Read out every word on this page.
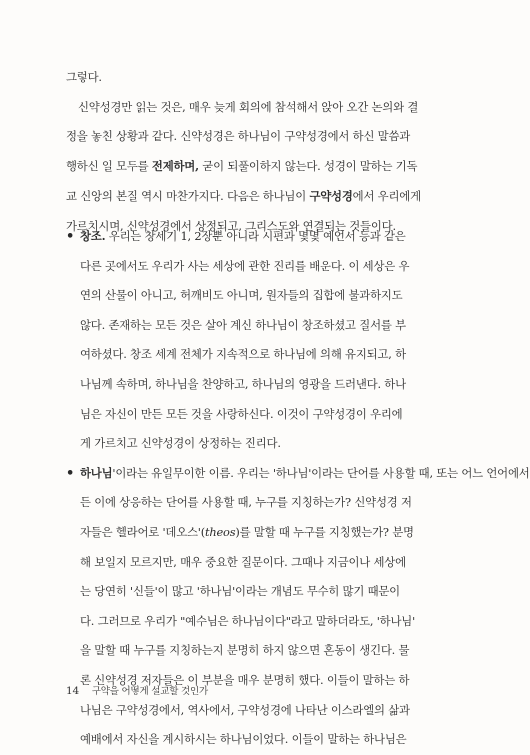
그렇다.
신약성경만 읽는 것은, 매우 늦게 회의에 참석해서 앉아 오간 논의와 결
정을 놓친 상황과 같다. 신약성경은 하나님이 구약성경에서 하신 말씀과
행하신 일 모두를 전제하며, 굳이 되풀이하지 않는다. 성경이 말하는 기독
교 신앙의 본질 역시 마찬가지다. 다음은 하나님이 구약성경에서 우리에게
가르치시며, 신약성경에서 상정되고, 그리스도와 연결되는 것들이다.
• 창조. 우리는 창세기 1, 2장뿐 아니라 시편과 몇몇 예언서 등과 같은
다른 곳에서도 우리가 사는 세상에 관한 진리를 배운다. 이 세상은 우
연의 산물이 아니고, 허깨비도 아니며, 원자들의 집합에 불과하지도
않다. 존재하는 모든 것은 살아 계신 하나님이 창조하셨고 질서를 부
여하셨다. 창조 세계 전체가 지속적으로 하나님에 의해 유지되고, 하
나님께 속하며, 하나님을 찬양하고, 하나님의 영광을 드러낸다. 하나
님은 자신이 만든 모든 것을 사랑하신다. 이것이 구약성경이 우리에
게 가르치고 신약성경이 상정하는 진리다.
• 하나님'이라는 유일무이한 이름. 우리는 '하나님'이라는 단어를 사용할 때, 또는 어느 언어에서
든 이에 상응하는 단어를 사용할 때, 누구를 지칭하는가? 신약성경 저
자들은 헬라어로 '데오스'(theos)를 말할 때 누구를 지칭했는가? 분명
해 보일지 모르지만, 매우 중요한 질문이다. 그때나 지금이나 세상에
는 당연히 '신들'이 많고 '하나님'이라는 개념도 무수히 많기 때문이
다. 그러므로 우리가 "예수님은 하나님이다"라고 말하더라도, '하나님'
을 말할 때 누구를 지칭하는지 분명히 하지 않으면 혼동이 생긴다. 물
론 신약성경 저자들은 이 부분을 매우 분명히 했다. 이들이 말하는 하
나님은 구약성경에서, 역사에서, 구약성경에 나타난 이스라엘의 삶과
예배에서 자신을 계시하시는 하나님이었다. 이들이 말하는 하나님은
14 구약을 어떻게 설교할 것인가
